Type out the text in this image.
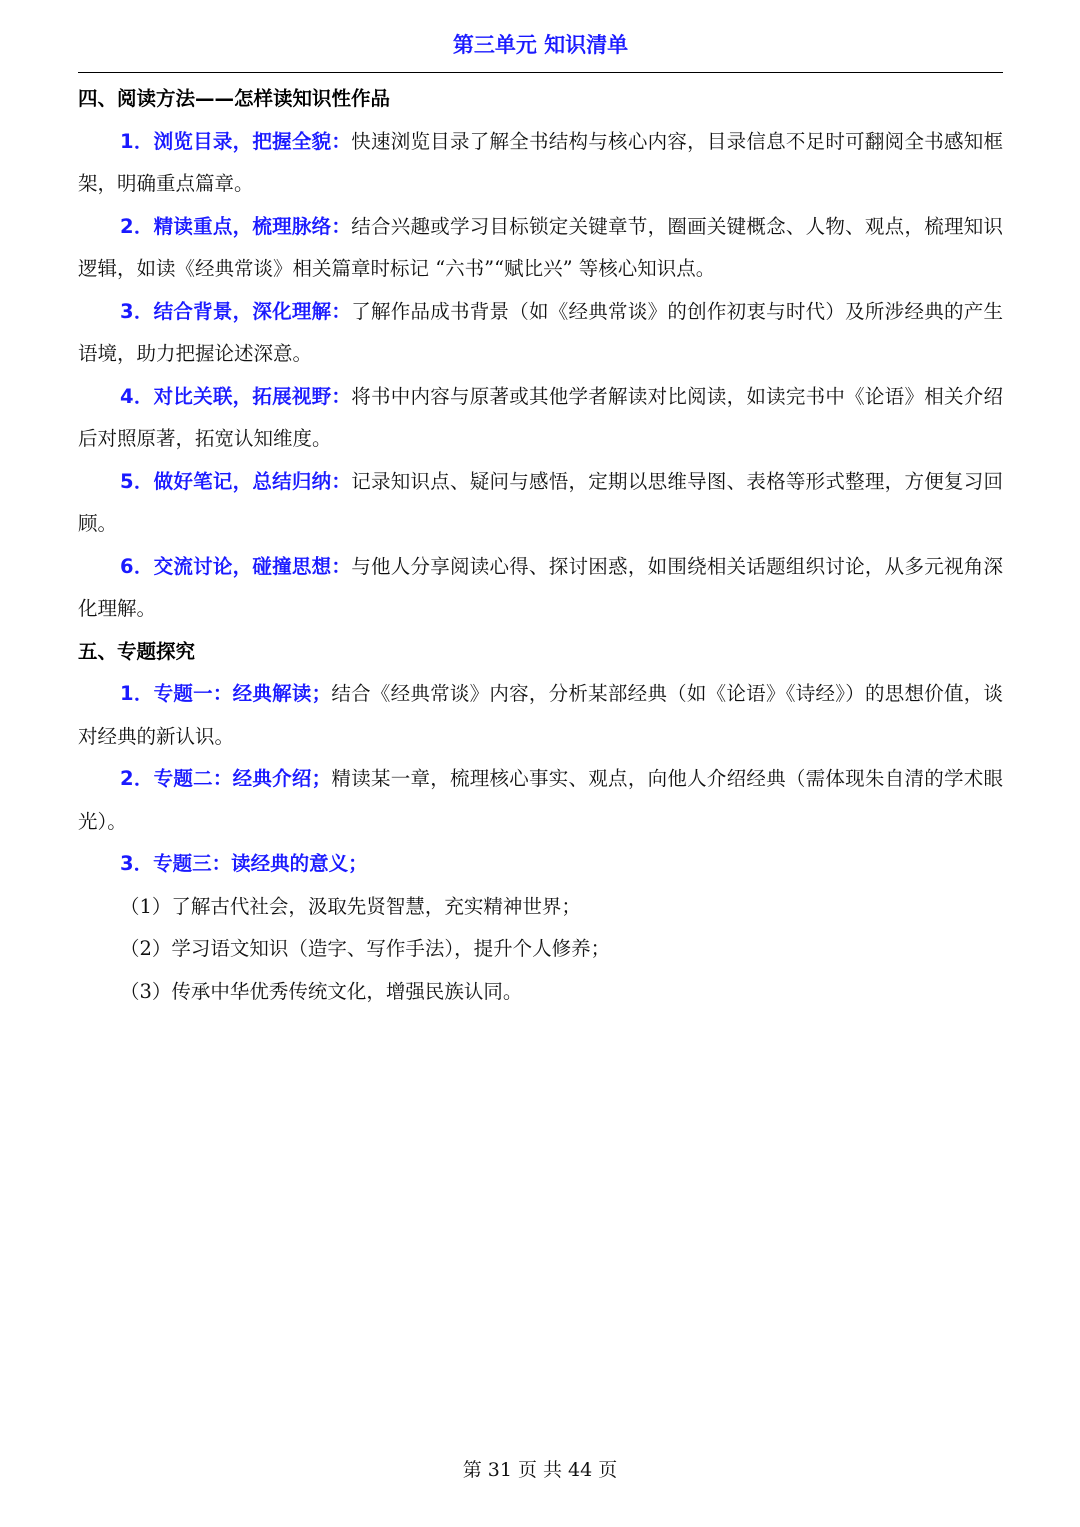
第三单元 知识清单
四、阅读方法——怎样读知识性作品

1．浏览目录，把握全貌：快速浏览目录了解全书结构与核心内容，目录信息不足时可翻阅全书感知框架，明确重点篇章。

2．精读重点，梳理脉络：结合兴趣或学习目标锁定关键章节，圈画关键概念、人物、观点，梳理知识逻辑，如读《经典常谈》相关篇章时标记 “六书”“赋比兴” 等核心知识点。

3．结合背景，深化理解：了解作品成书背景（如《经典常谈》的创作初衷与时代）及所涉经典的产生语境，助力把握论述深意。

4．对比关联，拓展视野：将书中内容与原著或其他学者解读对比阅读，如读完书中《论语》相关介绍后对照原著，拓宽认知维度。

5．做好笔记，总结归纳：记录知识点、疑问与感悟，定期以思维导图、表格等形式整理，方便复习回顾。

6．交流讨论，碰撞思想：与他人分享阅读心得、探讨困惑，如围绕相关话题组织讨论，从多元视角深化理解。

五、专题探究

1．专题一：经典解读；结合《经典常谈》内容，分析某部经典（如《论语》《诗经》）的思想价值，谈对经典的新认识。

2．专题二：经典介绍；精读某一章，梳理核心事实、观点，向他人介绍经典（需体现朱自清的学术眼光）。

3．专题三：读经典的意义；

（1）了解古代社会，汲取先贤智慧，充实精神世界；
（2）学习语文知识（造字、写作手法），提升个人修养；
（3）传承中华优秀传统文化，增强民族认同。
第 31 页 共 44 页
